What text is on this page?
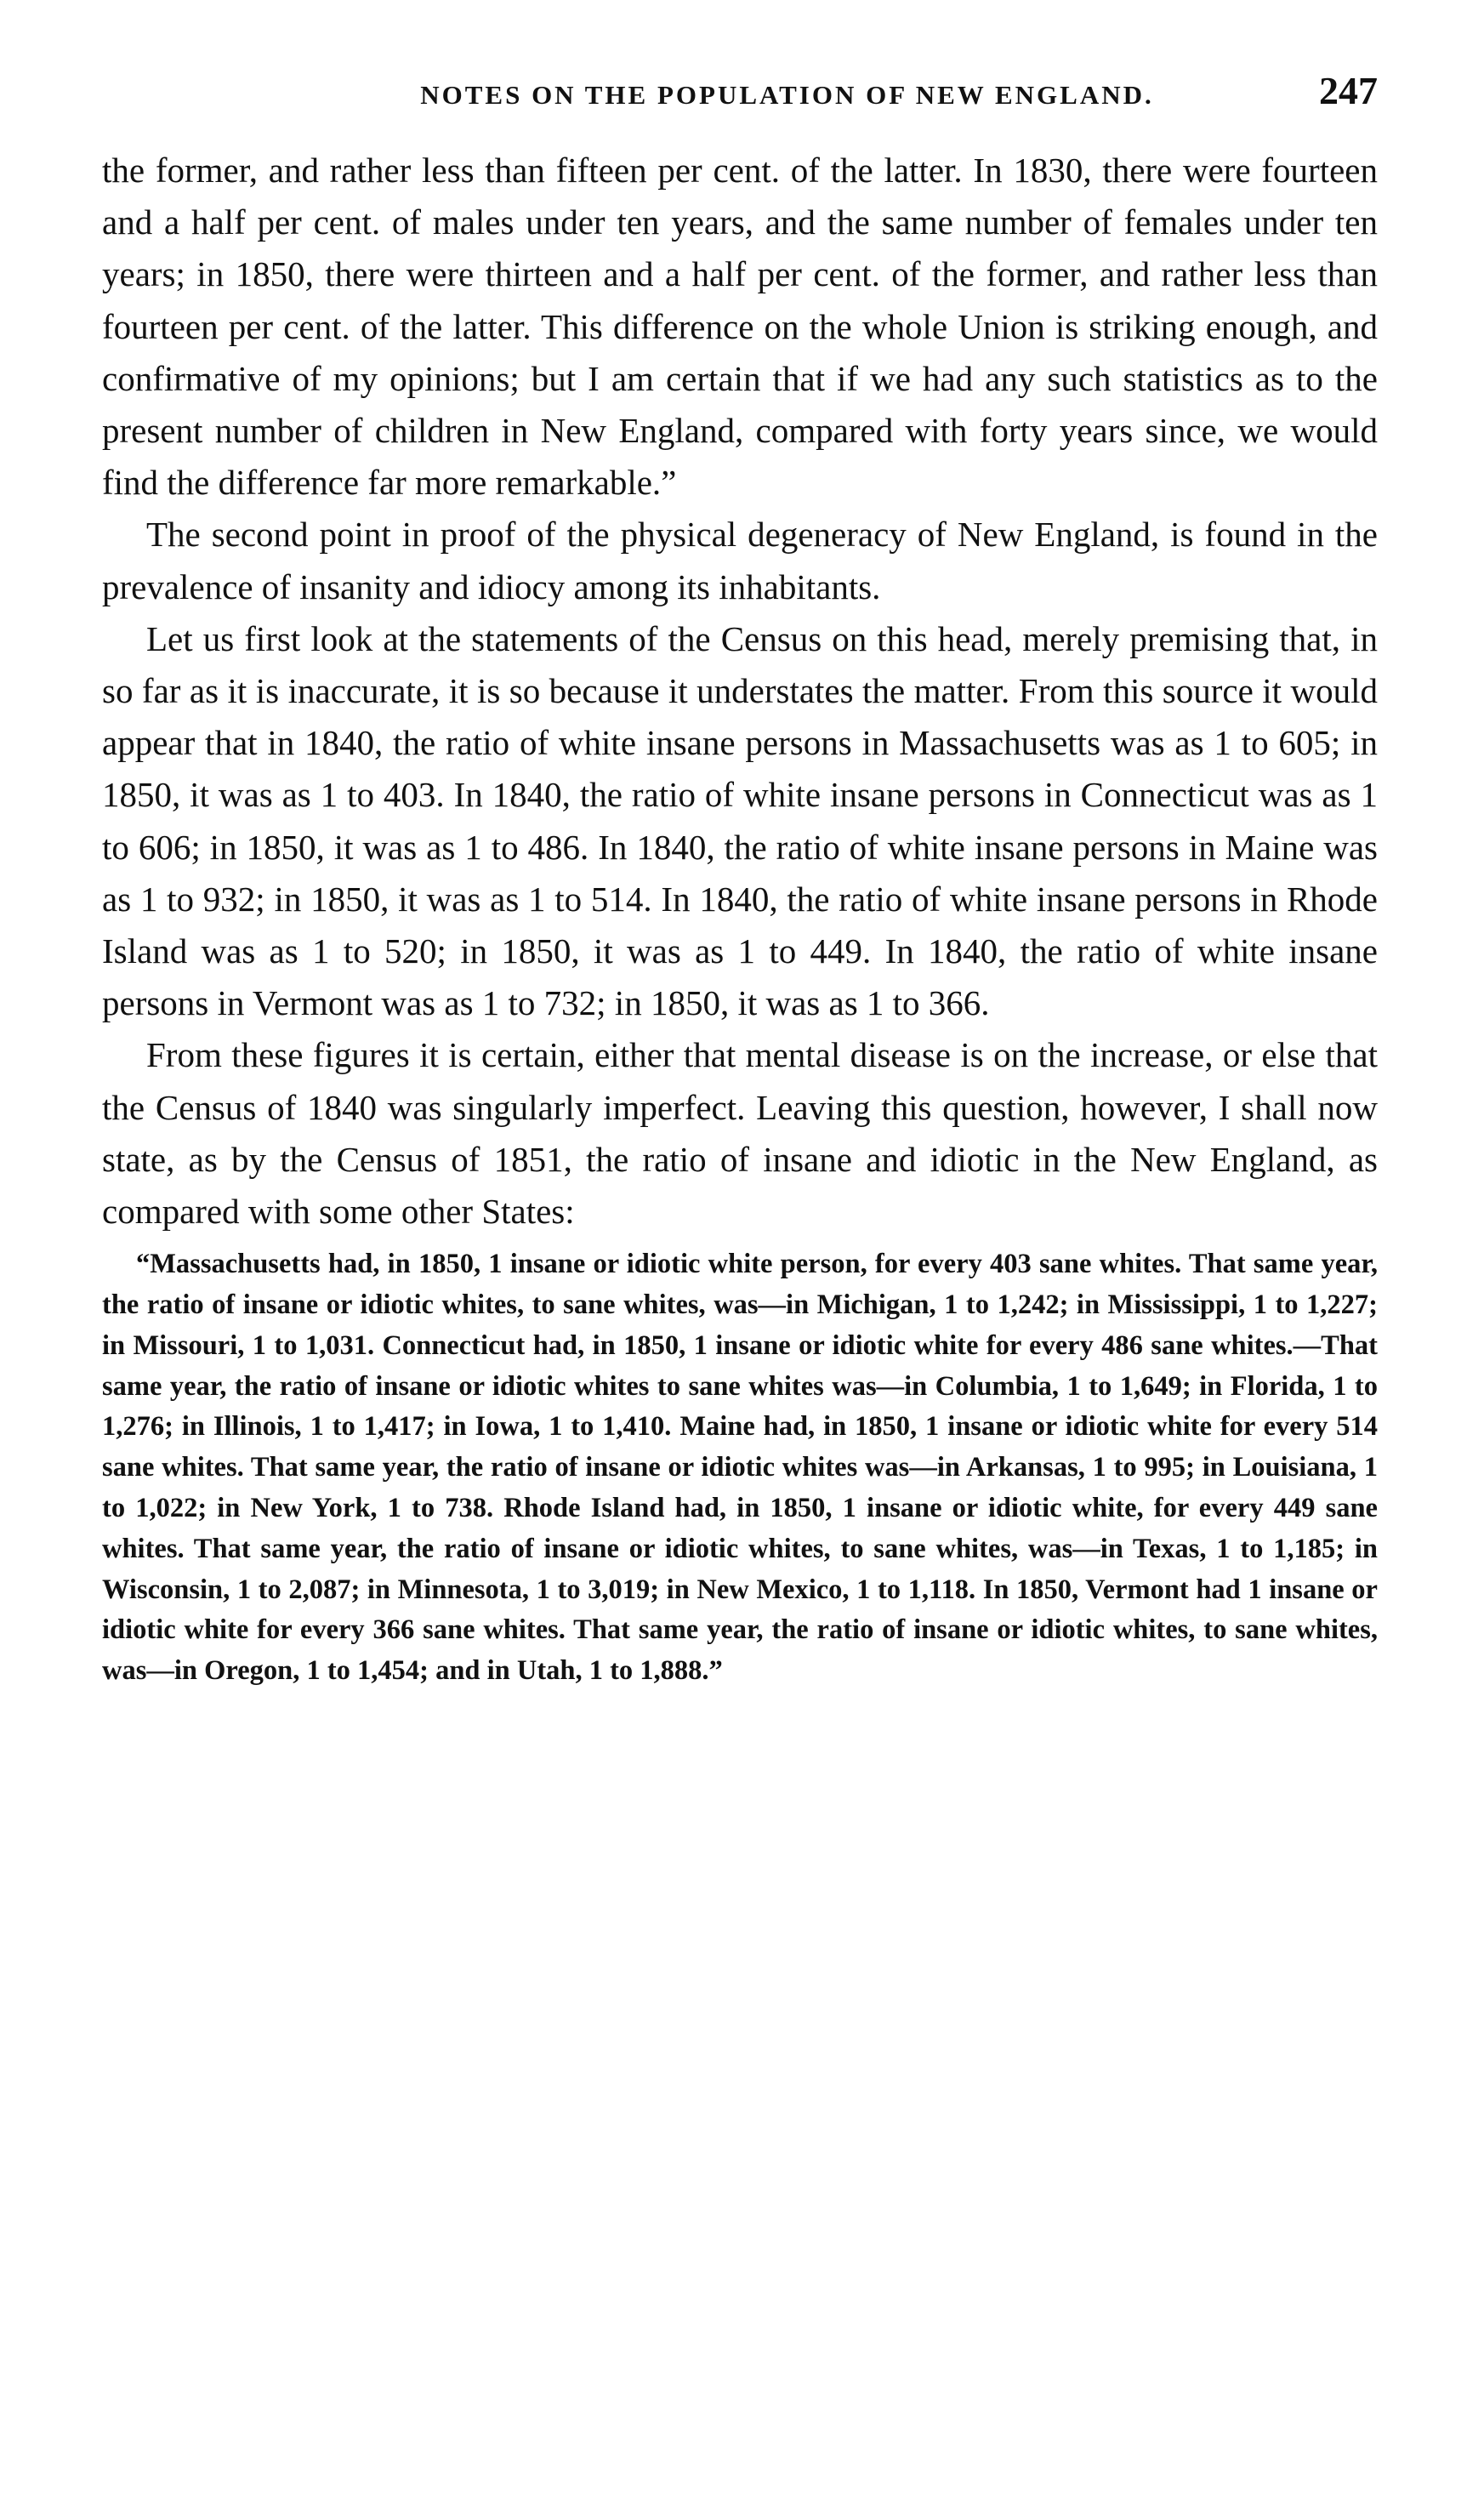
NOTES ON THE POPULATION OF NEW ENGLAND.	247

the former, and rather less than fifteen per cent. of the latter. In 1830, there were fourteen and a half per cent. of males under ten years, and the same number of females under ten years; in 1850, there were thirteen and a half per cent. of the former, and rather less than fourteen per cent. of the latter. This difference on the whole Union is striking enough, and confirmative of my opinions; but I am certain that if we had any such statistics as to the present number of children in New England, compared with forty years since, we would find the difference far more remarkable.”

The second point in proof of the physical degeneracy of New England, is found in the prevalence of insanity and idiocy among its inhabitants.

Let us first look at the statements of the Census on this head, merely premising that, in so far as it is inaccurate, it is so because it understates the matter. From this source it would appear that in 1840, the ratio of white insane persons in Massachusetts was as 1 to 605; in 1850, it was as 1 to 403. In 1840, the ratio of white insane persons in Connecticut was as 1 to 606; in 1850, it was as 1 to 486. In 1840, the ratio of white insane persons in Maine was as 1 to 932; in 1850, it was as 1 to 514. In 1840, the ratio of white insane persons in Rhode Island was as 1 to 520; in 1850, it was as 1 to 449. In 1840, the ratio of white insane persons in Vermont was as 1 to 732; in 1850, it was as 1 to 366.

From these figures it is certain, either that mental disease is on the increase, or else that the Census of 1840 was singularly imperfect. Leaving this question, however, I shall now state, as by the Census of 1851, the ratio of insane and idiotic in the New England, as compared with some other States:

“Massachusetts had, in 1850, 1 insane or idiotic white person, for every 403 sane whites. That same year, the ratio of insane or idiotic whites, to sane whites, was—in Michigan, 1 to 1,242; in Mississippi, 1 to 1,227; in Missouri, 1 to 1,031. Connecticut had, in 1850, 1 insane or idiotic white for every 486 sane whites.—That same year, the ratio of insane or idiotic whites to sane whites was—in Columbia, 1 to 1,649; in Florida, 1 to 1,276; in Illinois, 1 to 1,417; in Iowa, 1 to 1,410. Maine had, in 1850, 1 insane or idiotic white for every 514 sane whites. That same year, the ratio of insane or idiotic whites was—in Arkansas, 1 to 995; in Louisiana, 1 to 1,022; in New York, 1 to 738. Rhode Island had, in 1850, 1 insane or idiotic white, for every 449 sane whites. That same year, the ratio of insane or idiotic whites, to sane whites, was—in Texas, 1 to 1,185; in Wisconsin, 1 to 2,087; in Minnesota, 1 to 3,019; in New Mexico, 1 to 1,118. In 1850, Vermont had 1 insane or idiotic white for every 366 sane whites. That same year, the ratio of insane or idiotic whites, to sane whites, was—in Oregon, 1 to 1,454; and in Utah, 1 to 1,888.”
